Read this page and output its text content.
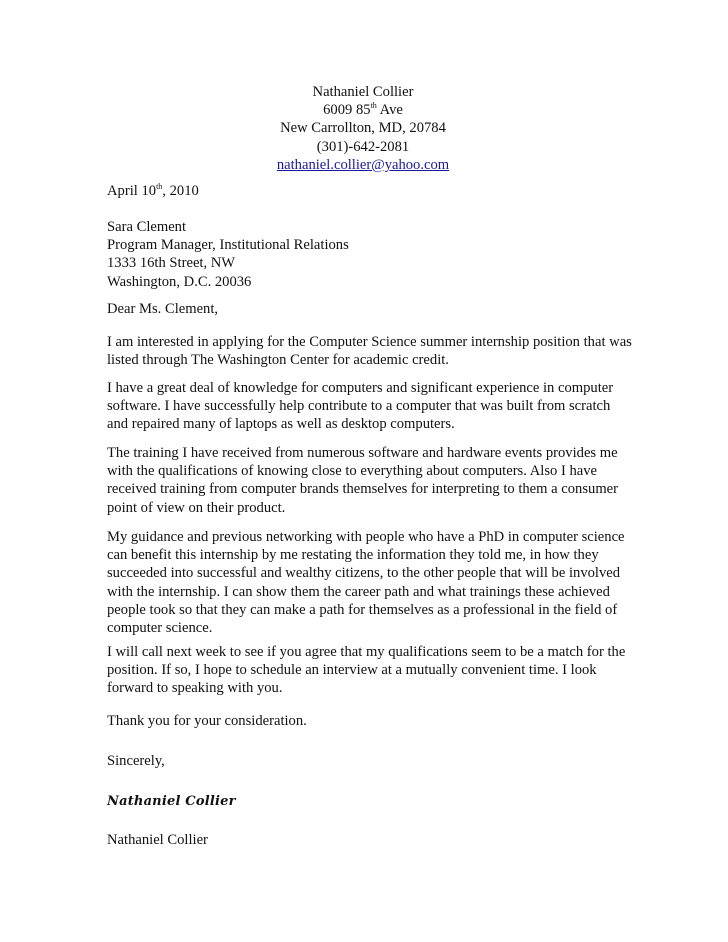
Nathaniel Collier
6009 85th Ave
New Carrollton, MD, 20784
(301)-642-2081
nathaniel.collier@yahoo.com
April 10th, 2010
Sara Clement
Program Manager, Institutional Relations
1333 16th Street, NW
Washington, D.C. 20036
Dear Ms. Clement,
I am interested in applying for the Computer Science summer internship position that was
listed through The Washington Center for academic credit.
I have a great deal of knowledge for computers and significant experience in computer
software. I have successfully help contribute to a computer that was built from scratch
and repaired many of laptops as well as desktop computers.
The training I have received from numerous software and hardware events provides me
with the qualifications of knowing close to everything about computers. Also I have
received training from computer brands themselves for interpreting to them a consumer
point of view on their product.
My guidance and previous networking with people who have a PhD in computer science
can benefit this internship by me restating the information they told me, in how they
succeeded into successful and wealthy citizens, to the other people that will be involved
with the internship. I can show them the career path and what trainings these achieved
people took so that they can make a path for themselves as a professional in the field of
computer science.
I will call next week to see if you agree that my qualifications seem to be a match for the
position. If so, I hope to schedule an interview at a mutually convenient time. I look
forward to speaking with you.
Thank you for your consideration.
Sincerely,
Nathaniel Collier
Nathaniel Collier
